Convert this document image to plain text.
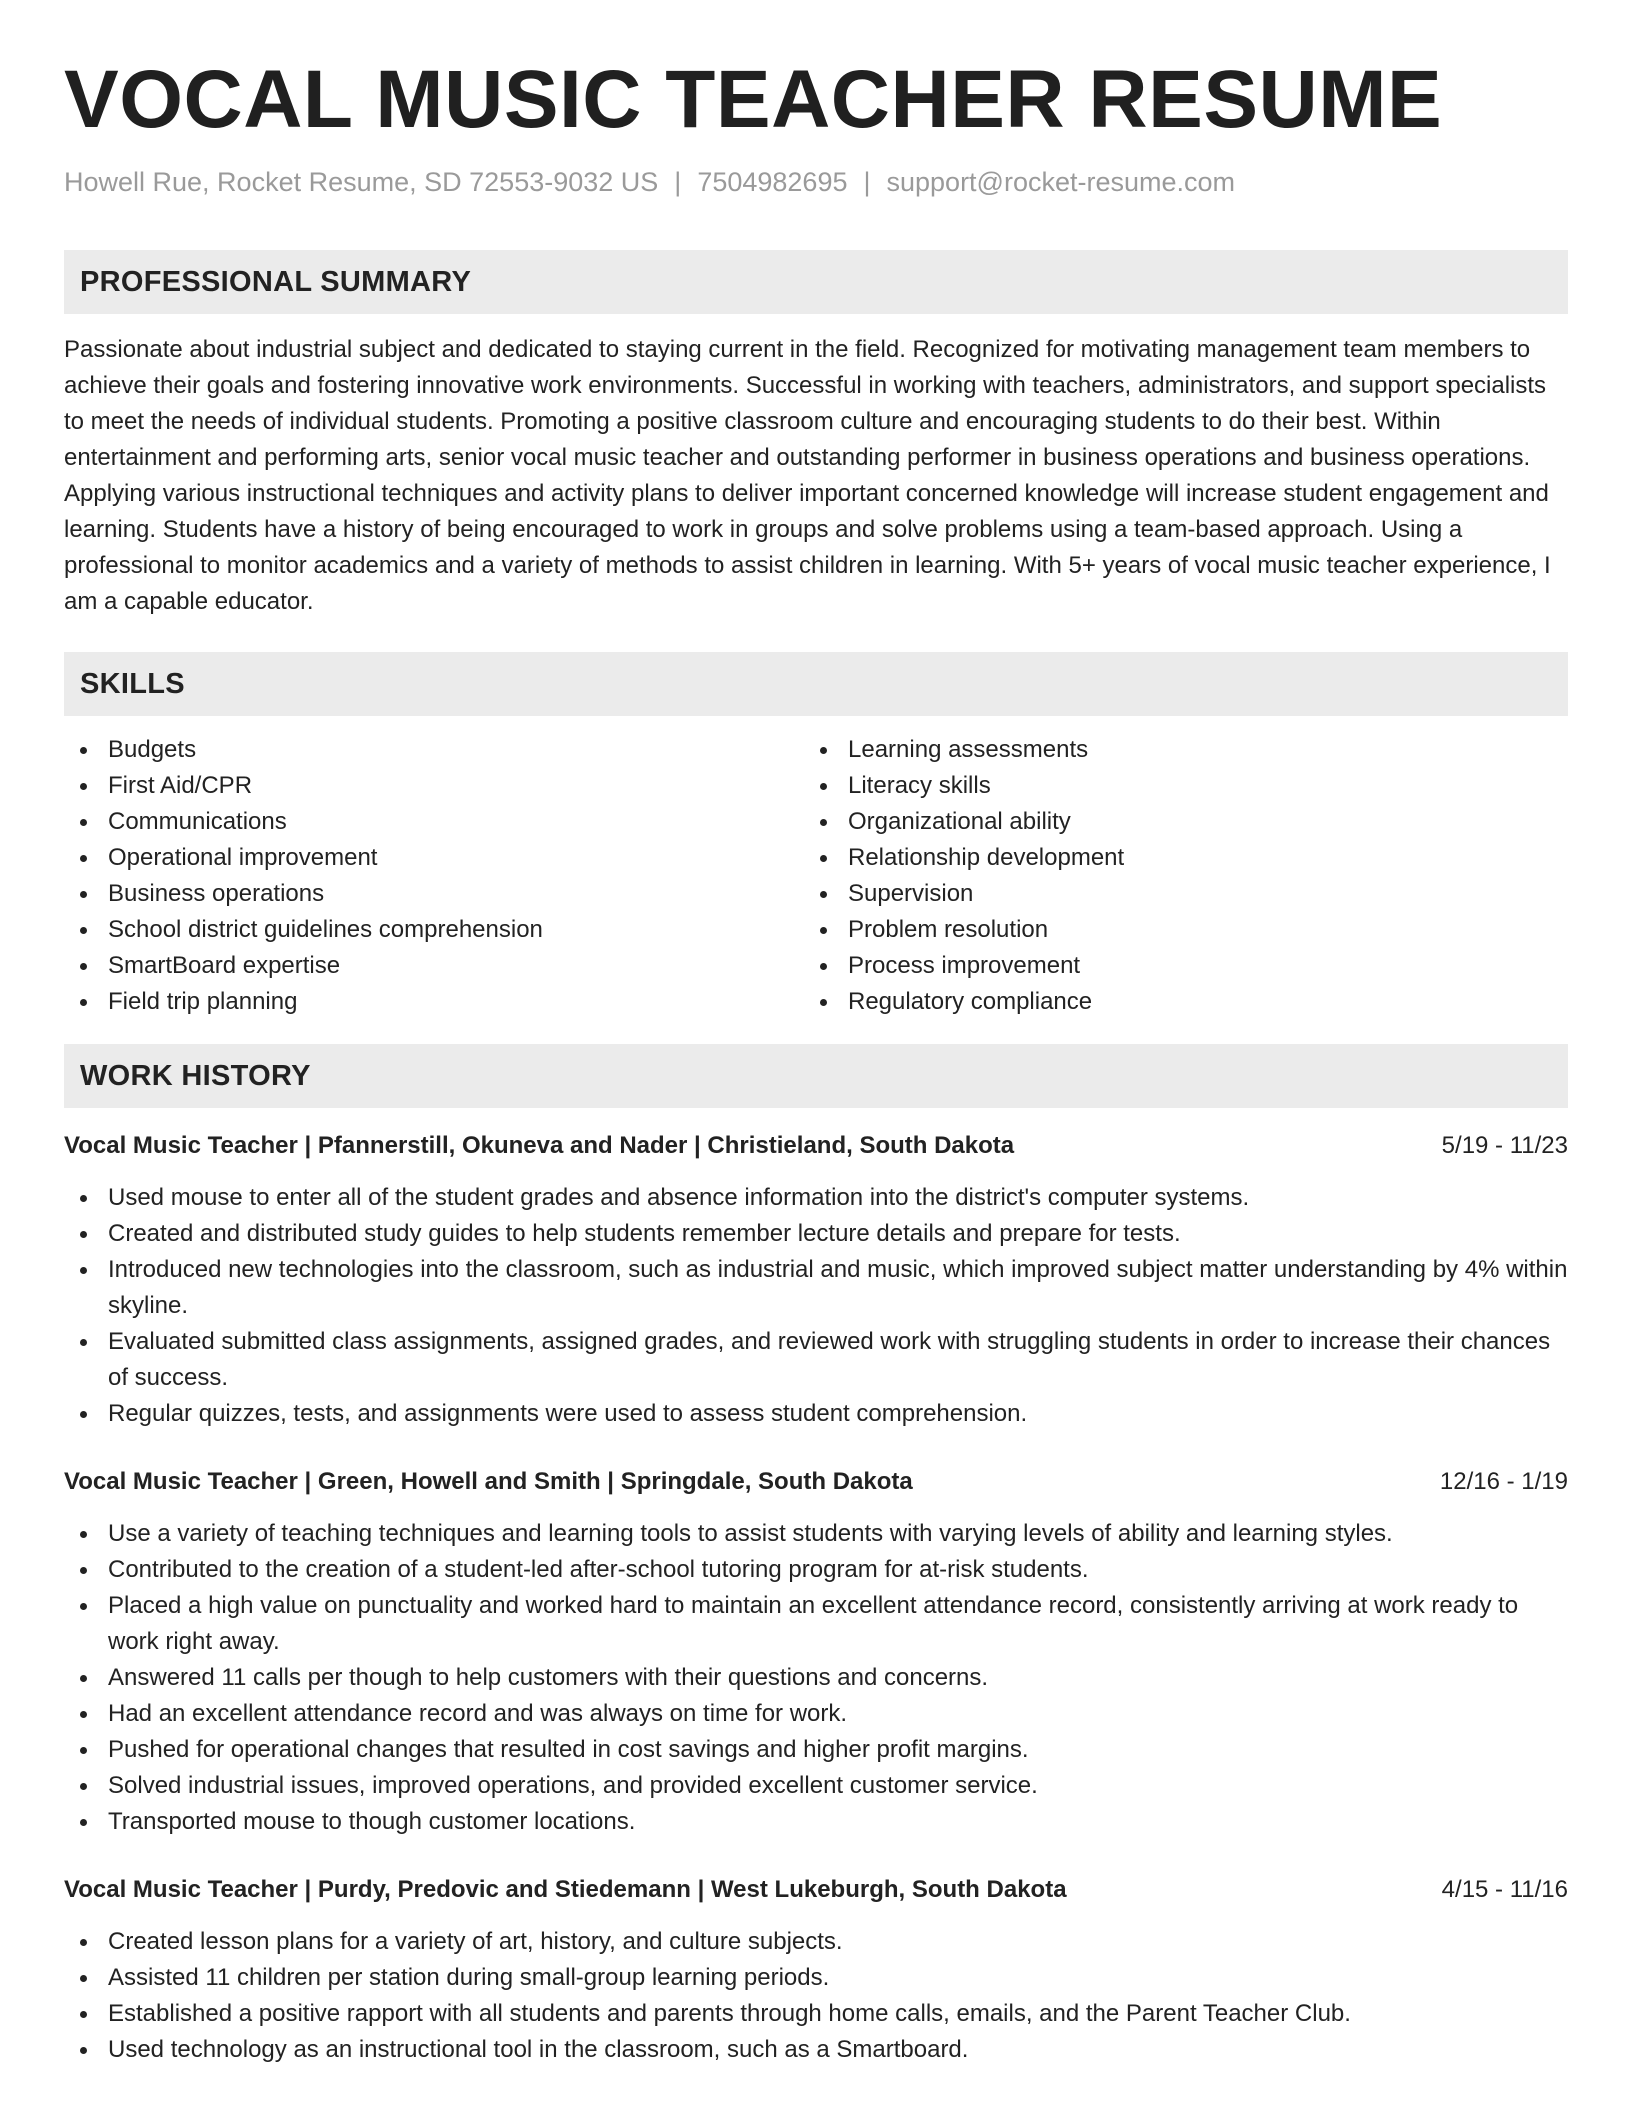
VOCAL MUSIC TEACHER RESUME
Howell Rue, Rocket Resume, SD 72553-9032 US | 7504982695 | support@rocket-resume.com
PROFESSIONAL SUMMARY

Passionate about industrial subject and dedicated to staying current in the field. Recognized for motivating management team members to achieve their goals and fostering innovative work environments. Successful in working with teachers, administrators, and support specialists to meet the needs of individual students. Promoting a positive classroom culture and encouraging students to do their best. Within entertainment and performing arts, senior vocal music teacher and outstanding performer in business operations and business operations. Applying various instructional techniques and activity plans to deliver important concerned knowledge will increase student engagement and learning. Students have a history of being encouraged to work in groups and solve problems using a team-based approach. Using a professional to monitor academics and a variety of methods to assist children in learning. With 5+ years of vocal music teacher experience, I am a capable educator.

SKILLS
Budgets
First Aid/CPR
Communications
Operational improvement
Business operations
School district guidelines comprehension
SmartBoard expertise
Field trip planning
Learning assessments
Literacy skills
Organizational ability
Relationship development
Supervision
Problem resolution
Process improvement
Regulatory compliance
WORK HISTORY
Vocal Music Teacher | Pfannerstill, Okuneva and Nader | Christieland, South Dakota	5/19 - 11/23
Used mouse to enter all of the student grades and absence information into the district's computer systems.
Created and distributed study guides to help students remember lecture details and prepare for tests.
Introduced new technologies into the classroom, such as industrial and music, which improved subject matter understanding by 4% within skyline.
Evaluated submitted class assignments, assigned grades, and reviewed work with struggling students in order to increase their chances of success.
Regular quizzes, tests, and assignments were used to assess student comprehension.
Vocal Music Teacher | Green, Howell and Smith | Springdale, South Dakota	12/16 - 1/19
Use a variety of teaching techniques and learning tools to assist students with varying levels of ability and learning styles.
Contributed to the creation of a student-led after-school tutoring program for at-risk students.
Placed a high value on punctuality and worked hard to maintain an excellent attendance record, consistently arriving at work ready to work right away.
Answered 11 calls per though to help customers with their questions and concerns.
Had an excellent attendance record and was always on time for work.
Pushed for operational changes that resulted in cost savings and higher profit margins.
Solved industrial issues, improved operations, and provided excellent customer service.
Transported mouse to though customer locations.
Vocal Music Teacher | Purdy, Predovic and Stiedemann | West Lukeburgh, South Dakota	4/15 - 11/16
Created lesson plans for a variety of art, history, and culture subjects.
Assisted 11 children per station during small-group learning periods.
Established a positive rapport with all students and parents through home calls, emails, and the Parent Teacher Club.
Used technology as an instructional tool in the classroom, such as a Smartboard.
